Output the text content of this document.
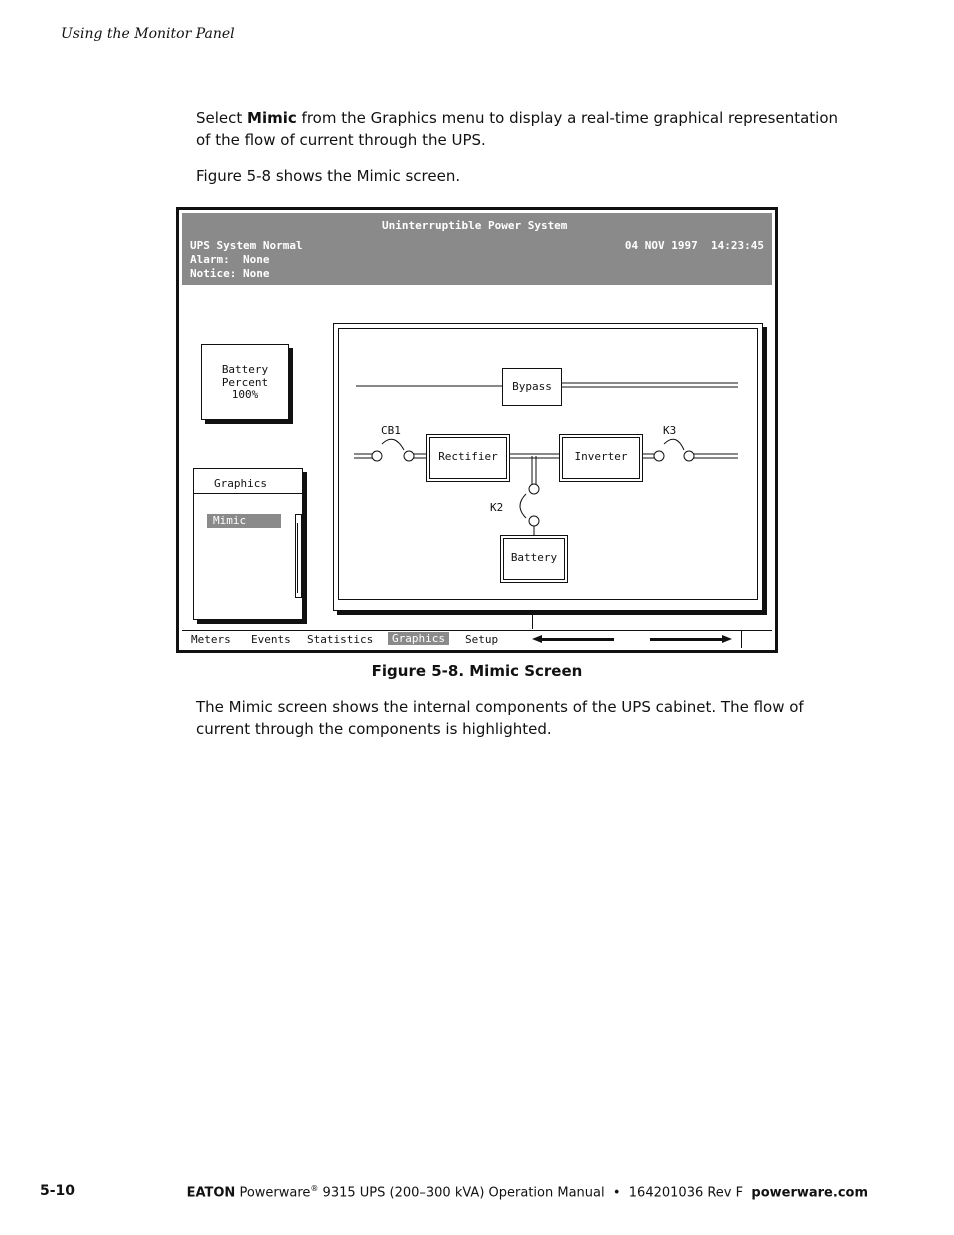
Using the Monitor Panel

Select Mimic from the Graphics menu to display a real-time graphical representation of the flow of current through the UPS.

Figure 5-8 shows the Mimic screen.

Uninterruptible Power System
UPS System Normal	04 NOV 1997  14:23:45
Alarm:  None
Notice: None
Battery
Percent
100%
Graphics
Mimic
Bypass
Rectifier	Inverter
Battery
CB1	K3
K2
Meters Events Statistics	Graphics	Setup
Figure 5-8. Mimic Screen

The Mimic screen shows the internal components of the UPS cabinet. The flow of current through the components is highlighted.

5-10	EATON Powerware® 9315 UPS (200–300 kVA) Operation Manual  •  164201036 Rev F  powerware.com
